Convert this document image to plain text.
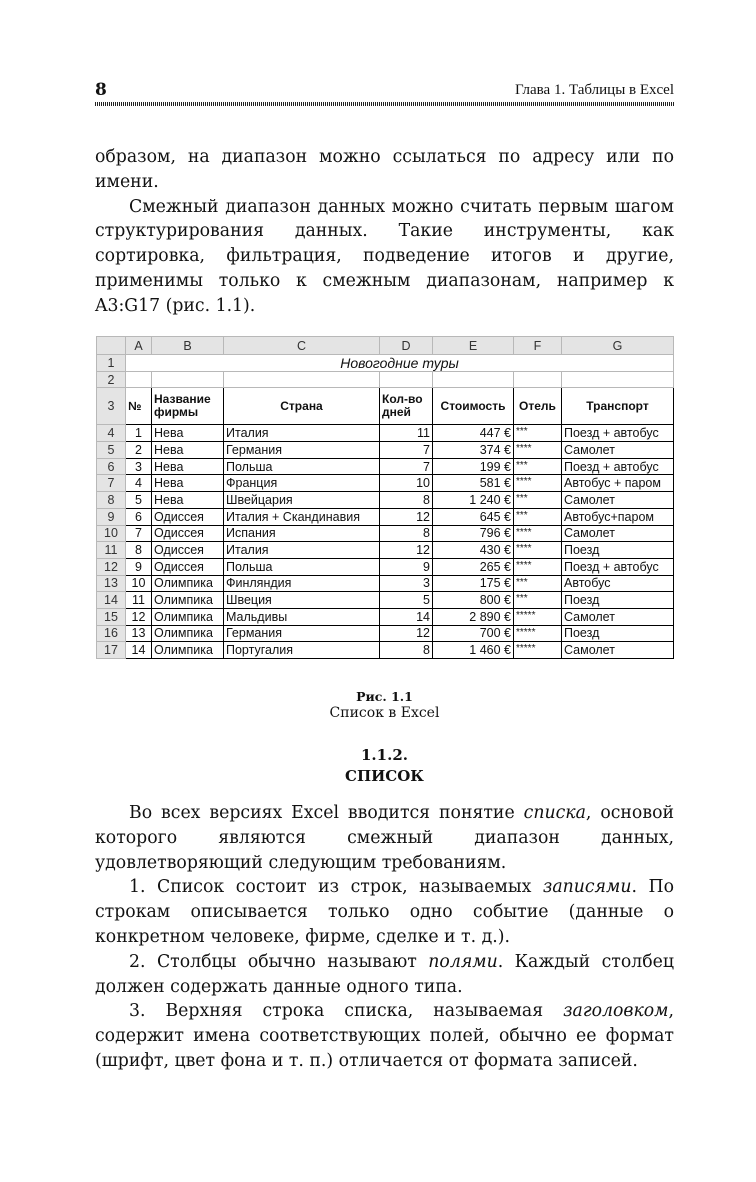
8	Глава 1. Таблицы в Excel

образом, на диапазон можно ссылаться по адресу или по имени.

Смежный диапазон данных можно считать первым шагом структурирования данных. Такие инструменты, как сортировка, фильтрация, подведение итогов и другие, применимы только к смежным диапазонам, например к A3:G17 (рис. 1.1).

	A	B	C	D	E	F	G
1	Новогодние туры						
2							
3	№	Название фирмы	Страна	Кол-во дней	Стоимость	Отель	Транспорт
4	1	Нева	Италия	11	447 €	***	Поезд + автобус
5	2	Нева	Германия	7	374 €	****	Самолет
6	3	Нева	Польша	7	199 €	***	Поезд + автобус
7	4	Нева	Франция	10	581 €	****	Автобус + паром
8	5	Нева	Швейцария	8	1 240 €	***	Самолет
9	6	Одиссея	Италия + Скандинавия	12	645 €	***	Автобус+паром
10	7	Одиссея	Испания	8	796 €	****	Самолет
11	8	Одиссея	Италия	12	430 €	****	Поезд
12	9	Одиссея	Польша	9	265 €	****	Поезд + автобус
13	10	Олимпика	Финляндия	3	175 €	***	Автобус
14	11	Олимпика	Швеция	5	800 €	***	Поезд
15	12	Олимпика	Мальдивы	14	2 890 €	*****	Самолет
16	13	Олимпика	Германия	12	700 €	*****	Поезд
17	14	Олимпика	Португалия	8	1 460 €	*****	Самолет
Рис. 1.1
Список в Excel
1.1.2.
СПИСОК

Во всех версиях Excel вводится понятие списка, основой которого являются смежный диапазон данных, удовлетворяющий следующим требованиям.

1. Список состоит из строк, называемых записями. По строкам описывается только одно событие (данные о конкретном человеке, фирме, сделке и т. д.).

2. Столбцы обычно называют полями. Каждый столбец должен содержать данные одного типа.

3. Верхняя строка списка, называемая заголовком, содержит имена соответствующих полей, обычно ее формат (шрифт, цвет фона и т. п.) отличается от формата записей.
